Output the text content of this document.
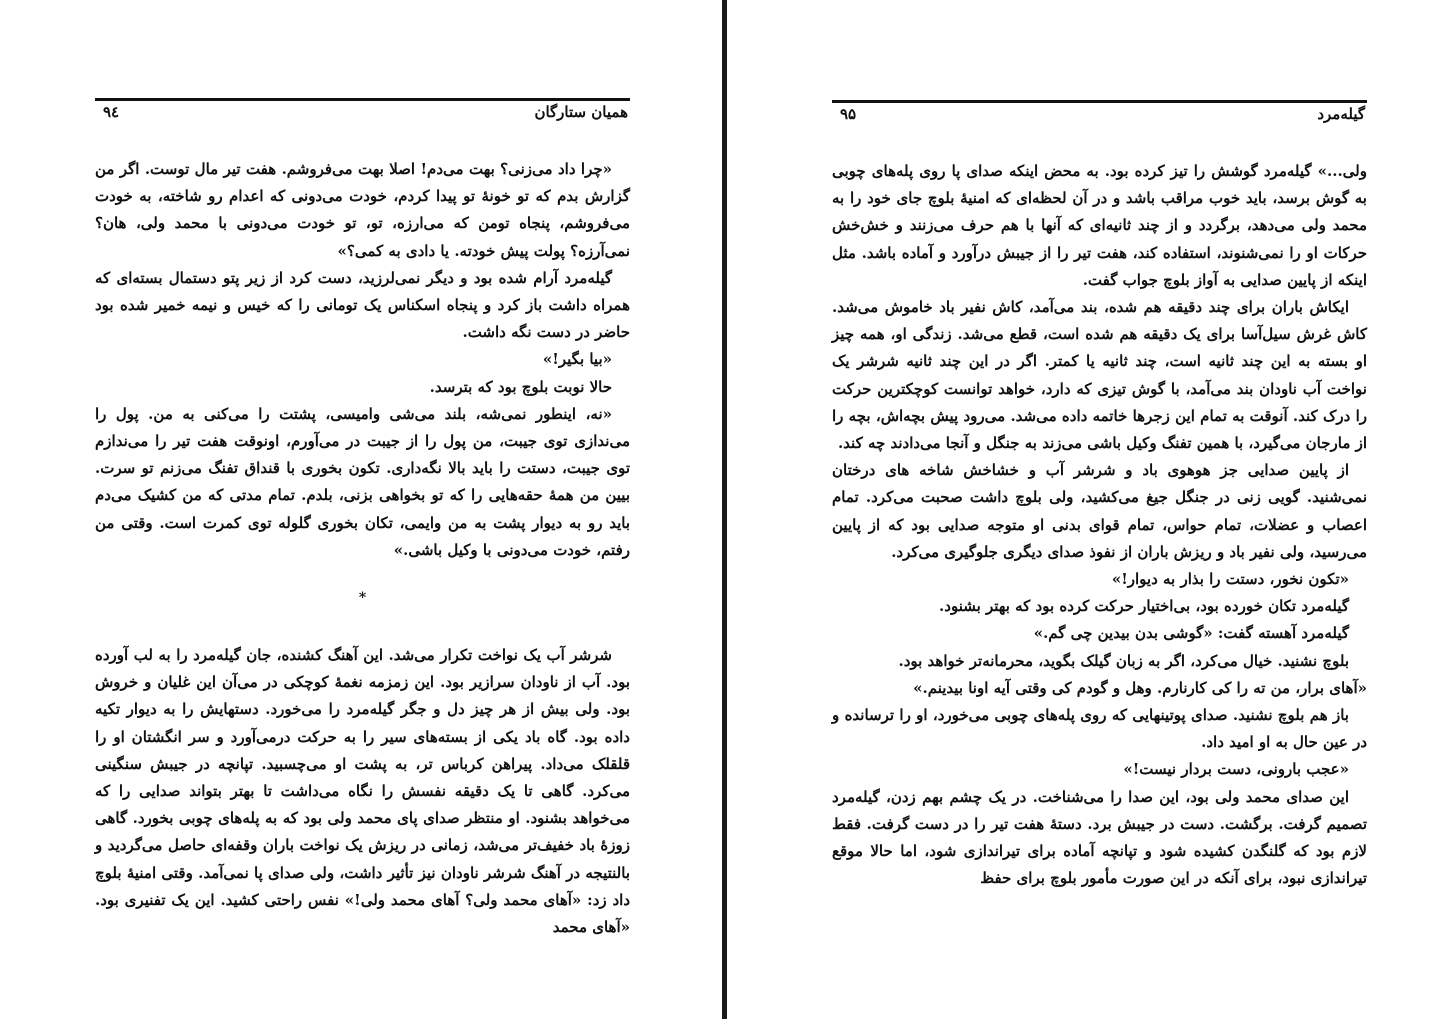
همیان ستارگان
۹٤

«چرا داد می‌زنی؟ بهت می‌دم! اصلا بهت می‌فروشم. هفت تیر مال توست. اگر من گزارش بدم که تو خونهٔ تو پیدا کردم، خودت می‌دونی که اعدام رو شاخته، به خودت می‌فروشم، پنجاه تومن که می‌ارزه، تو، تو خودت می‌دونی با محمد ولی، هان؟ نمی‌آرزه؟ پولت پیش خودته. یا دادی به کمی؟»

گیله‌مرد آرام شده بود و دیگر نمی‌لرزید، دست کرد از زیر پتو دستمال بسته‌ای که همراه داشت باز کرد و پنجاه اسکناس یک تومانی را که خیس و نیمه خمیر شده بود حاضر در دست نگه داشت.

«بیا بگیر!»

حالا نوبت بلوچ بود که بترسد.

«نه، اینطور نمی‌شه، بلند می‌شی وامیسی، پشتت را می‌کنی به من. پول را می‌ندازی توی جیبت، من پول را از جیبت در می‌آورم، اونوقت هفت تیر را می‌ندازم توی جیبت، دستت را باید بالا نگه‌داری. تکون بخوری با قنداق تفنگ می‌زنم تو سرت. بیین من همهٔ حقه‌هایی را که تو بخواهی بزنی، بلدم. تمام مدتی که من کشیک می‌دم باید رو به دیوار پشت به من وایمی، تکان بخوری گلوله توی کمرت است. وقتی من رفتم، خودت می‌دونی با وکیل باشی.»

*

شرشر آب یک نواخت تکرار می‌شد. این آهنگ کشنده، جان گیله‌مرد را به لب آورده بود. آب از ناودان سرازیر بود. این زمزمه نغمهٔ کوچکی در می‌آن این غلیان و خروش بود. ولی بیش از هر چیز دل و جگر گیله‌مرد را می‌خورد. دستهایش را به دیوار تکیه داده بود. گاه باد یکی از بسته‌های سیر را به حرکت درمی‌آورد و سر انگشتان او را قلقلک می‌داد. پیراهن کرباس تر، به پشت او می‌چسبید. تپانچه در جیبش سنگینی می‌کرد. گاهی تا یک دقیقه نفسش را نگاه می‌داشت تا بهتر بتواند صدایی را که می‌خواهد بشنود. او منتظر صدای پای محمد ولی بود که به پله‌های چوبی بخورد. گاهی زوزهٔ باد خفیف‌تر می‌شد، زمانی در ریزش یک نواخت باران وقفه‌ای حاصل می‌گردید و بالنتیجه در آهنگ شرشر ناودان نیز تأثیر داشت، ولی صدای پا نمی‌آمد. وقتی امنیهٔ بلوچ داد زد: «آهای محمد ولی؟ آهای محمد ولی!» نفس راحتی کشید. این یک تفنیری بود. «آهای محمد

گیله‌مرد
۹۵

ولی...» گیله‌مرد گوشش را تیز کرده بود. به محض اینکه صدای پا روی پله‌های چوبی به گوش برسد، باید خوب مراقب باشد و در آن لحظه‌ای که امنیهٔ بلوچ جای خود را به محمد ولی می‌دهد، برگردد و از چند ثانیه‌ای که آنها با هم حرف می‌زنند و خش‌خش حرکات او را نمی‌شنوند، استفاده کند، هفت تیر را از جیبش درآورد و آماده باشد. مثل اینکه از پایین صدایی به آواز بلوچ جواب گفت.

ایکاش باران برای چند دقیقه هم شده، بند می‌آمد، کاش نفیر باد خاموش می‌شد. کاش غرش سیل‌آسا برای یک دقیقه هم شده است، قطع می‌شد. زندگی او، همه چیز او بسته به این چند ثانیه است، چند ثانیه یا کمتر. اگر در این چند ثانیه شرشر یک نواخت آب ناودان بند می‌آمد، با گوش تیزی که دارد، خواهد توانست کوچکترین حرکت را درک کند. آنوقت به تمام این زجرها خاتمه داده می‌شد. می‌رود پیش بچه‌اش، بچه را از مارجان می‌گیرد، با همین تفنگ وکیل باشی می‌زند به جنگل و آنجا می‌دادند چه کند.

از پایین صدایی جز هوهوی باد و شرشر آب و خشاخش شاخه های درختان نمی‌شنید. گویی زنی در جنگل جیغ می‌کشید، ولی بلوچ داشت صحبت می‌کرد. تمام اعصاب و عضلات، تمام حواس، تمام قوای بدنی او متوجه صدایی بود که از پایین می‌رسید، ولی نفیر باد و ریزش باران از نفوذ صدای دیگری جلوگیری می‌کرد.

«تکون نخور، دستت را بذار به دیوار!»

گیله‌مرد تکان خورده بود، بی‌اختیار حرکت کرده بود که بهتر بشنود.

گیله‌مرد آهسته گفت: «گوشی بدن بیدین چی گم.»

بلوچ نشنید. خیال می‌کرد، اگر به زبان گیلک بگوید، محرمانه‌تر خواهد بود.

«آهای برار، من ته را کی کارنارم. وهل و گودم کی وقتی آیه اونا بیدینم.»

باز هم بلوچ نشنید. صدای پوتینهایی که روی پله‌های چوبی می‌خورد، او را ترسانده و در عین حال به او امید داد.

«عجب بارونی، دست بردار نیست!»

این صدای محمد ولی بود، این صدا را می‌شناخت. در یک چشم بهم زدن، گیله‌مرد تصمیم گرفت. برگشت. دست در جیبش برد. دستهٔ هفت تیر را در دست گرفت. فقط لازم بود که گلنگدن کشیده شود و تپانچه آماده برای تیراندازی شود، اما حالا موقع تیراندازی نبود، برای آنکه در این صورت مأمور بلوچ برای حفظ
